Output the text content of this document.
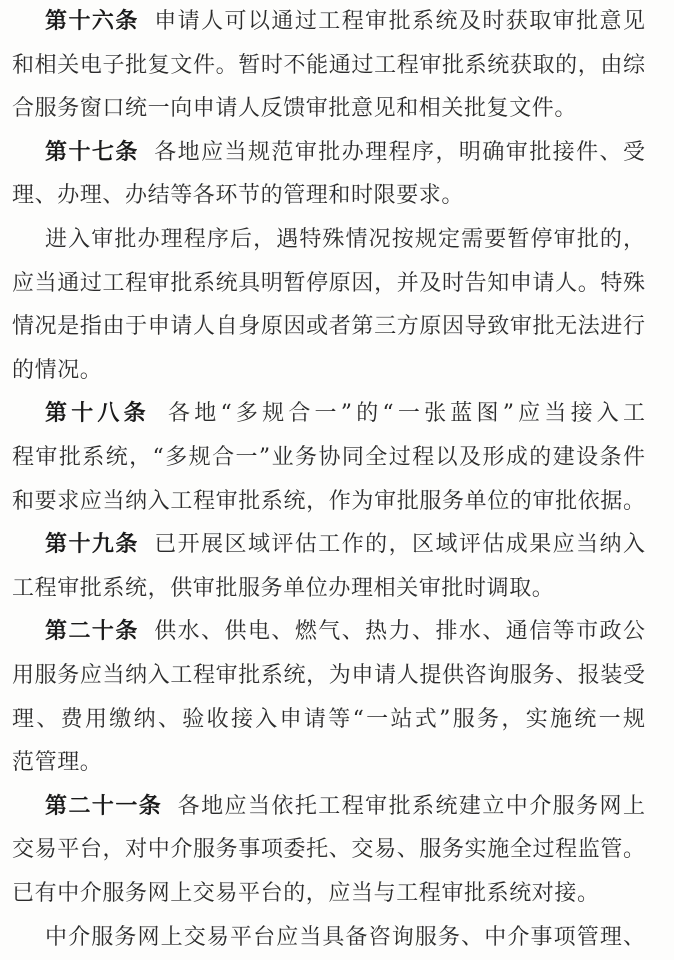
第十六条 申请人可以通过工程审批系统及时获取审批意见
和相关电子批复文件。暂时不能通过工程审批系统获取的，由综
合服务窗口统一向申请人反馈审批意见和相关批复文件。
第十七条 各地应当规范审批办理程序，明确审批接件、受
理、办理、办结等各环节的管理和时限要求。
进入审批办理程序后，遇特殊情况按规定需要暂停审批的，
应当通过工程审批系统具明暂停原因，并及时告知申请人。特殊
情况是指由于申请人自身原因或者第三方原因导致审批无法进行
的情况。
第十八条 各地“多规合一”的“一张蓝图”应当接入工
程审批系统，“多规合一”业务协同全过程以及形成的建设条件
和要求应当纳入工程审批系统，作为审批服务单位的审批依据。
第十九条 已开展区域评估工作的，区域评估成果应当纳入
工程审批系统，供审批服务单位办理相关审批时调取。
第二十条 供水、供电、燃气、热力、排水、通信等市政公
用服务应当纳入工程审批系统，为申请人提供咨询服务、报装受
理、费用缴纳、验收接入申请等“一站式”服务，实施统一规
范管理。
第二十一条 各地应当依托工程审批系统建立中介服务网上
交易平台，对中介服务事项委托、交易、服务实施全过程监管。
已有中介服务网上交易平台的，应当与工程审批系统对接。
中介服务网上交易平台应当具备咨询服务、中介事项管理、
